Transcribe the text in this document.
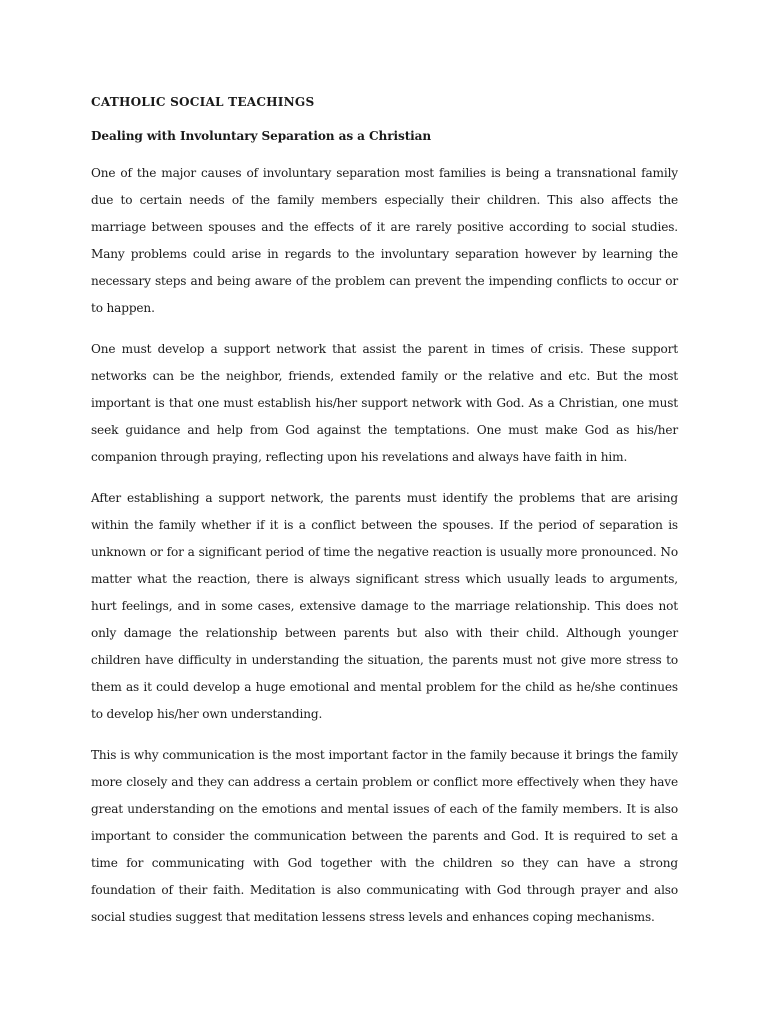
CATHOLIC SOCIAL TEACHINGS
Dealing with Involuntary Separation as a Christian

One of the major causes of involuntary separation most families is being a transnational family due to certain needs of the family members especially their children. This also affects the marriage between spouses and the effects of it are rarely positive according to social studies. Many problems could arise in regards to the involuntary separation however by learning the necessary steps and being aware of the problem can prevent the impending conflicts to occur or to happen.

One must develop a support network that assist the parent in times of crisis. These support networks can be the neighbor, friends, extended family or the relative and etc. But the most important is that one must establish his/her support network with God. As a Christian, one must seek guidance and help from God against the temptations. One must make God as his/her companion through praying, reflecting upon his revelations and always have faith in him.

After establishing a support network, the parents must identify the problems that are arising within the family whether if it is a conflict between the spouses. If the period of separation is unknown or for a significant period of time the negative reaction is usually more pronounced. No matter what the reaction, there is always significant stress which usually leads to arguments, hurt feelings, and in some cases, extensive damage to the marriage relationship. This does not only damage the relationship between parents but also with their child. Although younger children have difficulty in understanding the situation, the parents must not give more stress to them as it could develop a huge emotional and mental problem for the child as he/she continues to develop his/her own understanding.

This is why communication is the most important factor in the family because it brings the family more closely and they can address a certain problem or conflict more effectively when they have great understanding on the emotions and mental issues of each of the family members. It is also important to consider the communication between the parents and God. It is required to set a time for communicating with God together with the children so they can have a strong foundation of their faith. Meditation is also communicating with God through prayer and also social studies suggest that meditation lessens stress levels and enhances coping mechanisms.
